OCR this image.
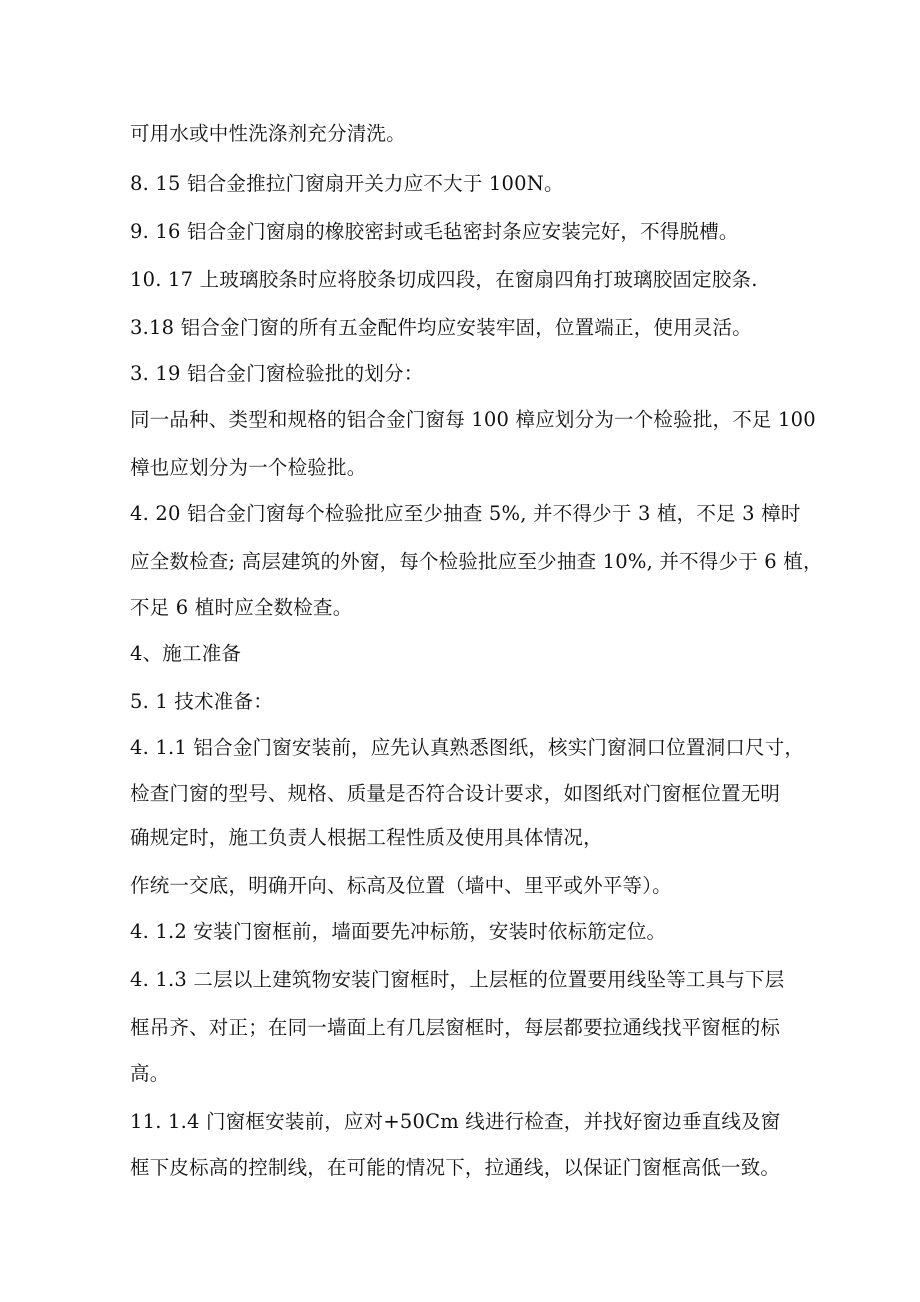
可用水或中性洗涤剂充分清洗。
8. 15 铝合金推拉门窗扇开关力应不大于 100N。
9. 16 铝合金门窗扇的橡胶密封或毛毡密封条应安装完好，不得脱槽。
10. 17 上玻璃胶条时应将胶条切成四段，在窗扇四角打玻璃胶固定胶条.
3.18 铝合金门窗的所有五金配件均应安装牢固，位置端正，使用灵活。
3. 19 铝合金门窗检验批的划分：
同一品种、类型和规格的铝合金门窗每 100 樟应划分为一个检验批，不足 100
樟也应划分为一个检验批。
4. 20 铝合金门窗每个检验批应至少抽查 5%, 并不得少于 3 植，不足 3 樟时
应全数检查; 高层建筑的外窗，每个检验批应至少抽查 10%, 并不得少于 6 植，
不足 6 植时应全数检查。
4、施工准备
5. 1 技术准备：
4. 1.1 铝合金门窗安装前，应先认真熟悉图纸，核实门窗洞口位置洞口尺寸，
检查门窗的型号、规格、质量是否符合设计要求，如图纸对门窗框位置无明
确规定时，施工负责人根据工程性质及使用具体情况，
作统一交底，明确开向、标高及位置（墙中、里平或外平等）。
4. 1.2 安装门窗框前，墙面要先冲标筋，安装时依标筋定位。
4. 1.3 二层以上建筑物安装门窗框时，上层框的位置要用线坠等工具与下层
框吊齐、对正；在同一墙面上有几层窗框时，每层都要拉通线找平窗框的标
高。
11. 1.4 门窗框安装前，应对+50Cm 线进行检查，并找好窗边垂直线及窗
框下皮标高的控制线，在可能的情况下，拉通线，以保证门窗框高低一致。
